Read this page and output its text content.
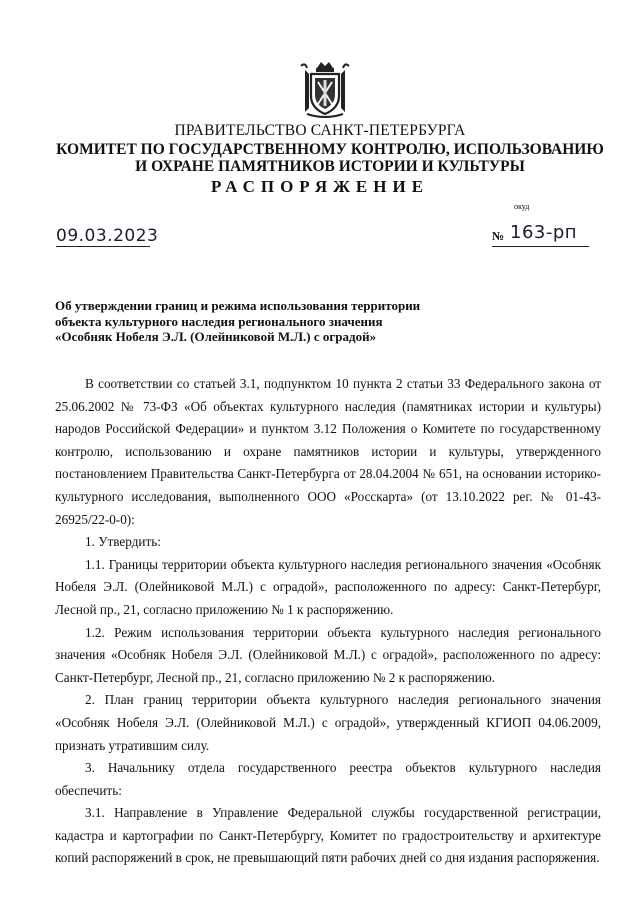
ПРАВИТЕЛЬСТВО САНКТ-ПЕТЕРБУРГА
КОМИТЕТ ПО ГОСУДАРСТВЕННОМУ КОНТРОЛЮ, ИСПОЛЬЗОВАНИЮ
И ОХРАНЕ ПАМЯТНИКОВ ИСТОРИИ И КУЛЬТУРЫ
РАСПОРЯЖЕНИЕ
окуд
09.03.2023	№ 163-рп
Об утверждении границ и режима использования территории
объекта культурного наследия регионального значения
«Особняк Нобеля Э.Л. (Олейниковой М.Л.) с оградой»

В соответствии со статьей 3.1, подпунктом 10 пункта 2 статьи 33 Федерального закона от 25.06.2002 № 73-ФЗ «Об объектах культурного наследия (памятниках истории и культуры) народов Российской Федерации» и пунктом 3.12 Положения о Комитете по государственному контролю, использованию и охране памятников истории и культуры, утвержденного постановлением Правительства Санкт-Петербурга от 28.04.2004 № 651, на основании историко-культурного исследования, выполненного ООО «Росскарта» (от 13.10.2022 рег. № 01-43-26925/22-0-0):

1. Утвердить:

1.1. Границы территории объекта культурного наследия регионального значения «Особняк Нобеля Э.Л. (Олейниковой М.Л.) с оградой», расположенного по адресу: Санкт-Петербург, Лесной пр., 21, согласно приложению № 1 к распоряжению.

1.2. Режим использования территории объекта культурного наследия регионального значения «Особняк Нобеля Э.Л. (Олейниковой М.Л.) с оградой», расположенного по адресу: Санкт-Петербург, Лесной пр., 21, согласно приложению № 2 к распоряжению.

2. План границ территории объекта культурного наследия регионального значения «Особняк Нобеля Э.Л. (Олейниковой М.Л.) с оградой», утвержденный КГИОП 04.06.2009, признать утратившим силу.

3. Начальнику отдела государственного реестра объектов культурного наследия обеспечить:

3.1. Направление в Управление Федеральной службы государственной регистрации, кадастра и картографии по Санкт-Петербургу, Комитет по градостроительству и архитектуре копий распоряжений в срок, не превышающий пяти рабочих дней со дня издания распоряжения.
